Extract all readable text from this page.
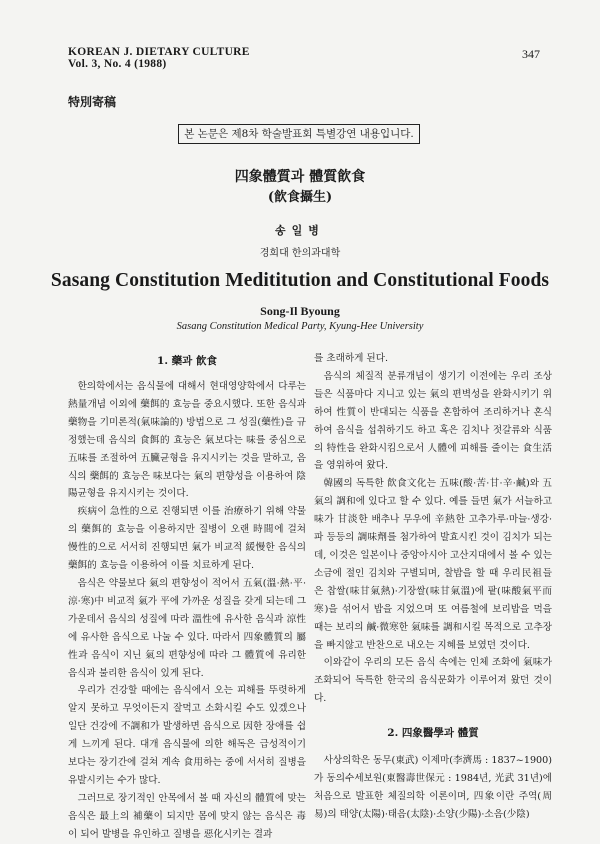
KOREAN J. DIETARY CULTURE
Vol. 3, No. 4 (1988)
347
特別寄稿
본 논문은 제8차 학술발표회 특별강연 내용입니다.
四象體質과 體質飮食
(飮食攝生)
송일병
경희대 한의과대학
Sasang Constitution Medititution and Constitutional Foods
Song-Il Byoung
Sasang Constitution Medical Party, Kyung-Hee University
1. 藥과 飮食

한의학에서는 음식물에 대해서 현대영양학에서 다루는 熱量개념 이외에 藥餌的 효능을 중요시했다. 또한 음식과 藥物을 기미론적(氣味論的) 방법으로 그 성질(藥性)을 규정했는데 음식의 食餌的 효능은 氣보다는 味를 중심으로 五味를 조절하여 五臟균형을 유지시키는 것을 말하고, 음식의 藥餌的 효능은 味보다는 氣의 편향성을 이용하여 陰陽균형을 유지시키는 것이다.

疾病이 急性的으로 진행되면 이를 治療하기 위해 약물의 藥餌的 효능을 이용하지만 질병이 오랜 時間에 걸쳐 慢性的으로 서서히 진행되면 氣가 비교적 緩慢한 음식의 藥餌的 효능을 이용하여 이를 치료하게 된다.

음식은 약물보다 氣의 편향성이 적어서 五氣(溫·熱·平·涼·寒)中 비교적 氣가 平에 가까운 성질을 갖게 되는데 그 가운데서 음식의 성질에 따라 溫性에 유사한 음식과 涼性에 유사한 음식으로 나눌 수 있다. 따라서 四象體質의 屬性과 음식이 지닌 氣의 편향성에 따라 그 體質에 유리한 음식과 불리한 음식이 있게 된다.

우리가 건강할 때에는 음식에서 오는 피해를 뚜렷하게 알지 못하고 무엇이든지 잘먹고 소화시킬 수도 있겠으나 일단 건강에 不調和가 발생하면 음식으로 因한 장애를 쉽게 느끼게 된다. 대개 음식물에 의한 해독은 급성적이기 보다는 장기간에 걸쳐 계속 食用하는 중에 서서히 질병을 유발시키는 수가 많다.

그러므로 장기적인 안목에서 볼 때 자신의 體質에 맞는 음식은 最上의 補藥이 되지만 몸에 맞지 않는 음식은 毒이 되어 발병을 유인하고 질병을 惡化시키는 결과

를 초래하게 된다.

음식의 체질적 분류개념이 생기기 이전에는 우리 조상들은 식품마다 지니고 있는 氣의 편벽성을 완화시키기 위하여 性質이 반대되는 식품을 혼합하여 조리하거나 혼식하여 음식을 섭취하기도 하고 혹은 김치나 젓갈류와 식품의 特性을 완화시킴으로서 人體에 피해를 줄이는 食生活을 영위하여 왔다.

韓國의 독특한 飮食文化는 五味(酸·苦·甘·辛·鹹)와 五氣의 調和에 있다고 할 수 있다. 예를 들면 氣가 서늘하고 味가 甘淡한 배추나 무우에 辛熱한 고추가루·마늘·생강·파 등등의 調味劑를 첨가하여 발효시킨 것이 김치가 되는데, 이것은 일본이나 중앙아시아 고산지대에서 볼 수 있는 소금에 절인 김치와 구별되며, 찰밥을 할 때 우리民祖들은 찹쌀(味甘氣熱)·기장쌀(味甘氣溫)에 팥(味酸氣平而寒)을 섞어서 밥을 지었으며 또 여름철에 보리밥을 먹을 때는 보리의 鹹·微寒한 氣味를 調和시킬 목적으로 고추장을 빠지않고 반찬으로 내오는 지혜를 보였던 것이다.

이와같이 우리의 모든 음식 속에는 인체 조화에 氣味가 조화되어 독특한 한국의 음식문화가 이루어져 왔던 것이다.

2. 四象醫學과 體質

사상의학은 동무(東武) 이제마(李濟馬 : 1837~1900)가 동의수세보원(東醫壽世保元 : 1984년, 光武 31년)에 처음으로 발표한 체질의학 이론이며, 四象이란 주역(周易)의 태양(太陽)·태음(太陰)·소양(少陽)·소음(少陰)
